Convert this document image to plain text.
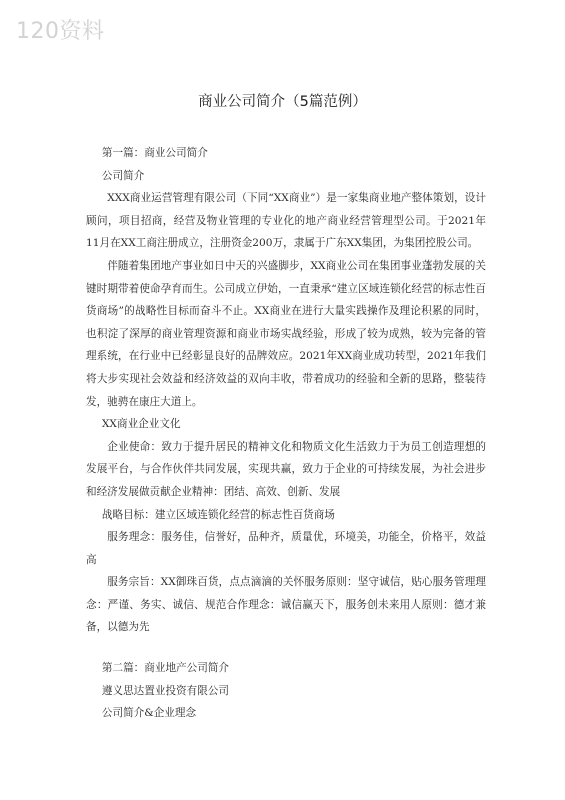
120资料
商业公司简介（5篇范例）

第一篇：商业公司简介

公司简介

XXX商业运营管理有限公司（下同“XX商业”）是一家集商业地产整体策划，设计顾问，项目招商，经营及物业管理的专业化的地产商业经营管理型公司。于2021年11月在XX工商注册成立，注册资金200万，隶属于广东XX集团，为集团控股公司。

伴随着集团地产事业如日中天的兴盛脚步，XX商业公司在集团事业蓬勃发展的关键时期带着使命孕育而生。公司成立伊始，一直秉承“建立区域连锁化经营的标志性百货商场”的战略性目标而奋斗不止。XX商业在进行大量实践操作及理论积累的同时，也积淀了深厚的商业管理资源和商业市场实战经验，形成了较为成熟，较为完备的管理系统，在行业中已经彰显良好的品牌效应。2021年XX商业成功转型，2021年我们将大步实现社会效益和经济效益的双向丰收，带着成功的经验和全新的思路，整装待发，驰骋在康庄大道上。

XX商业企业文化

企业使命：致力于提升居民的精神文化和物质文化生活致力于为员工创造理想的发展平台，与合作伙伴共同发展，实现共赢，致力于企业的可持续发展，为社会进步和经济发展做贡献企业精神：团结、高效、创新、发展

战略目标：建立区域连锁化经营的标志性百货商场

服务理念：服务佳，信誉好，品种齐，质量优，环境美，功能全，价格平，效益高

服务宗旨：XX御珠百货，点点滴滴的关怀服务原则：坚守诚信，贴心服务管理理念：严谨、务实、诚信、规范合作理念：诚信赢天下，服务创未来用人原则：德才兼备，以德为先

第二篇：商业地产公司简介

遵义思达置业投资有限公司

公司简介&企业理念
